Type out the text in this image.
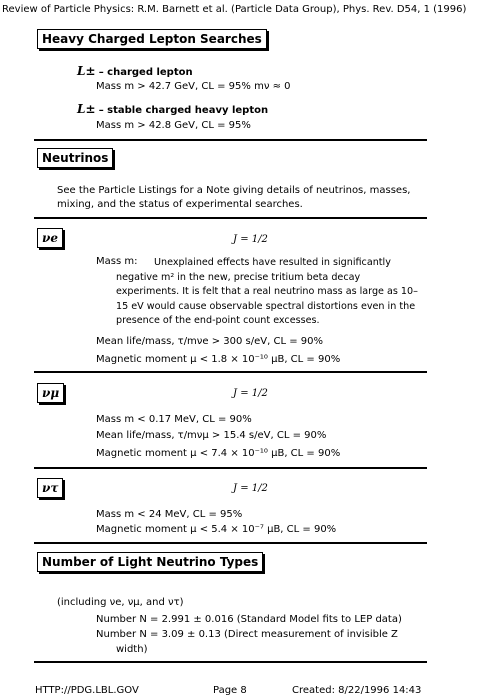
Review of Particle Physics: R.M. Barnett et al. (Particle Data Group), Phys. Rev. D54, 1 (1996)
Heavy Charged Lepton Searches
L± – charged lepton
Mass m > 42.7 GeV, CL = 95% mν ≈ 0
L± – stable charged heavy lepton
Mass m > 42.8 GeV, CL = 95%
Neutrinos
See the Particle Listings for a Note giving details of neutrinos, masses, mixing, and the status of experimental searches.
νe	J = 1/2
Mass m:	Unexplained effects have resulted in significantly negative m² in the new, precise tritium beta decay experiments. It is felt that a real neutrino mass as large as 10–15 eV would cause observable spectral distortions even in the presence of the end-point count excesses.
Mean life/mass, τ/mνe > 300 s/eV, CL = 90%
Magnetic moment μ < 1.8 × 10⁻¹⁰ μB, CL = 90%
νμ	J = 1/2
Mass m < 0.17 MeV, CL = 90%
Mean life/mass, τ/mνμ > 15.4 s/eV, CL = 90%
Magnetic moment μ < 7.4 × 10⁻¹⁰ μB, CL = 90%
ντ	J = 1/2
Mass m < 24 MeV, CL = 95%
Magnetic moment μ < 5.4 × 10⁻⁷ μB, CL = 90%
Number of Light Neutrino Types
(including νe, νμ, and ντ)
Number N = 2.991 ± 0.016 (Standard Model fits to LEP data)
Number N = 3.09 ± 0.13 (Direct measurement of invisible Z
width)
HTTP://PDG.LBL.GOV	Page 8	Created: 8/22/1996 14:43
